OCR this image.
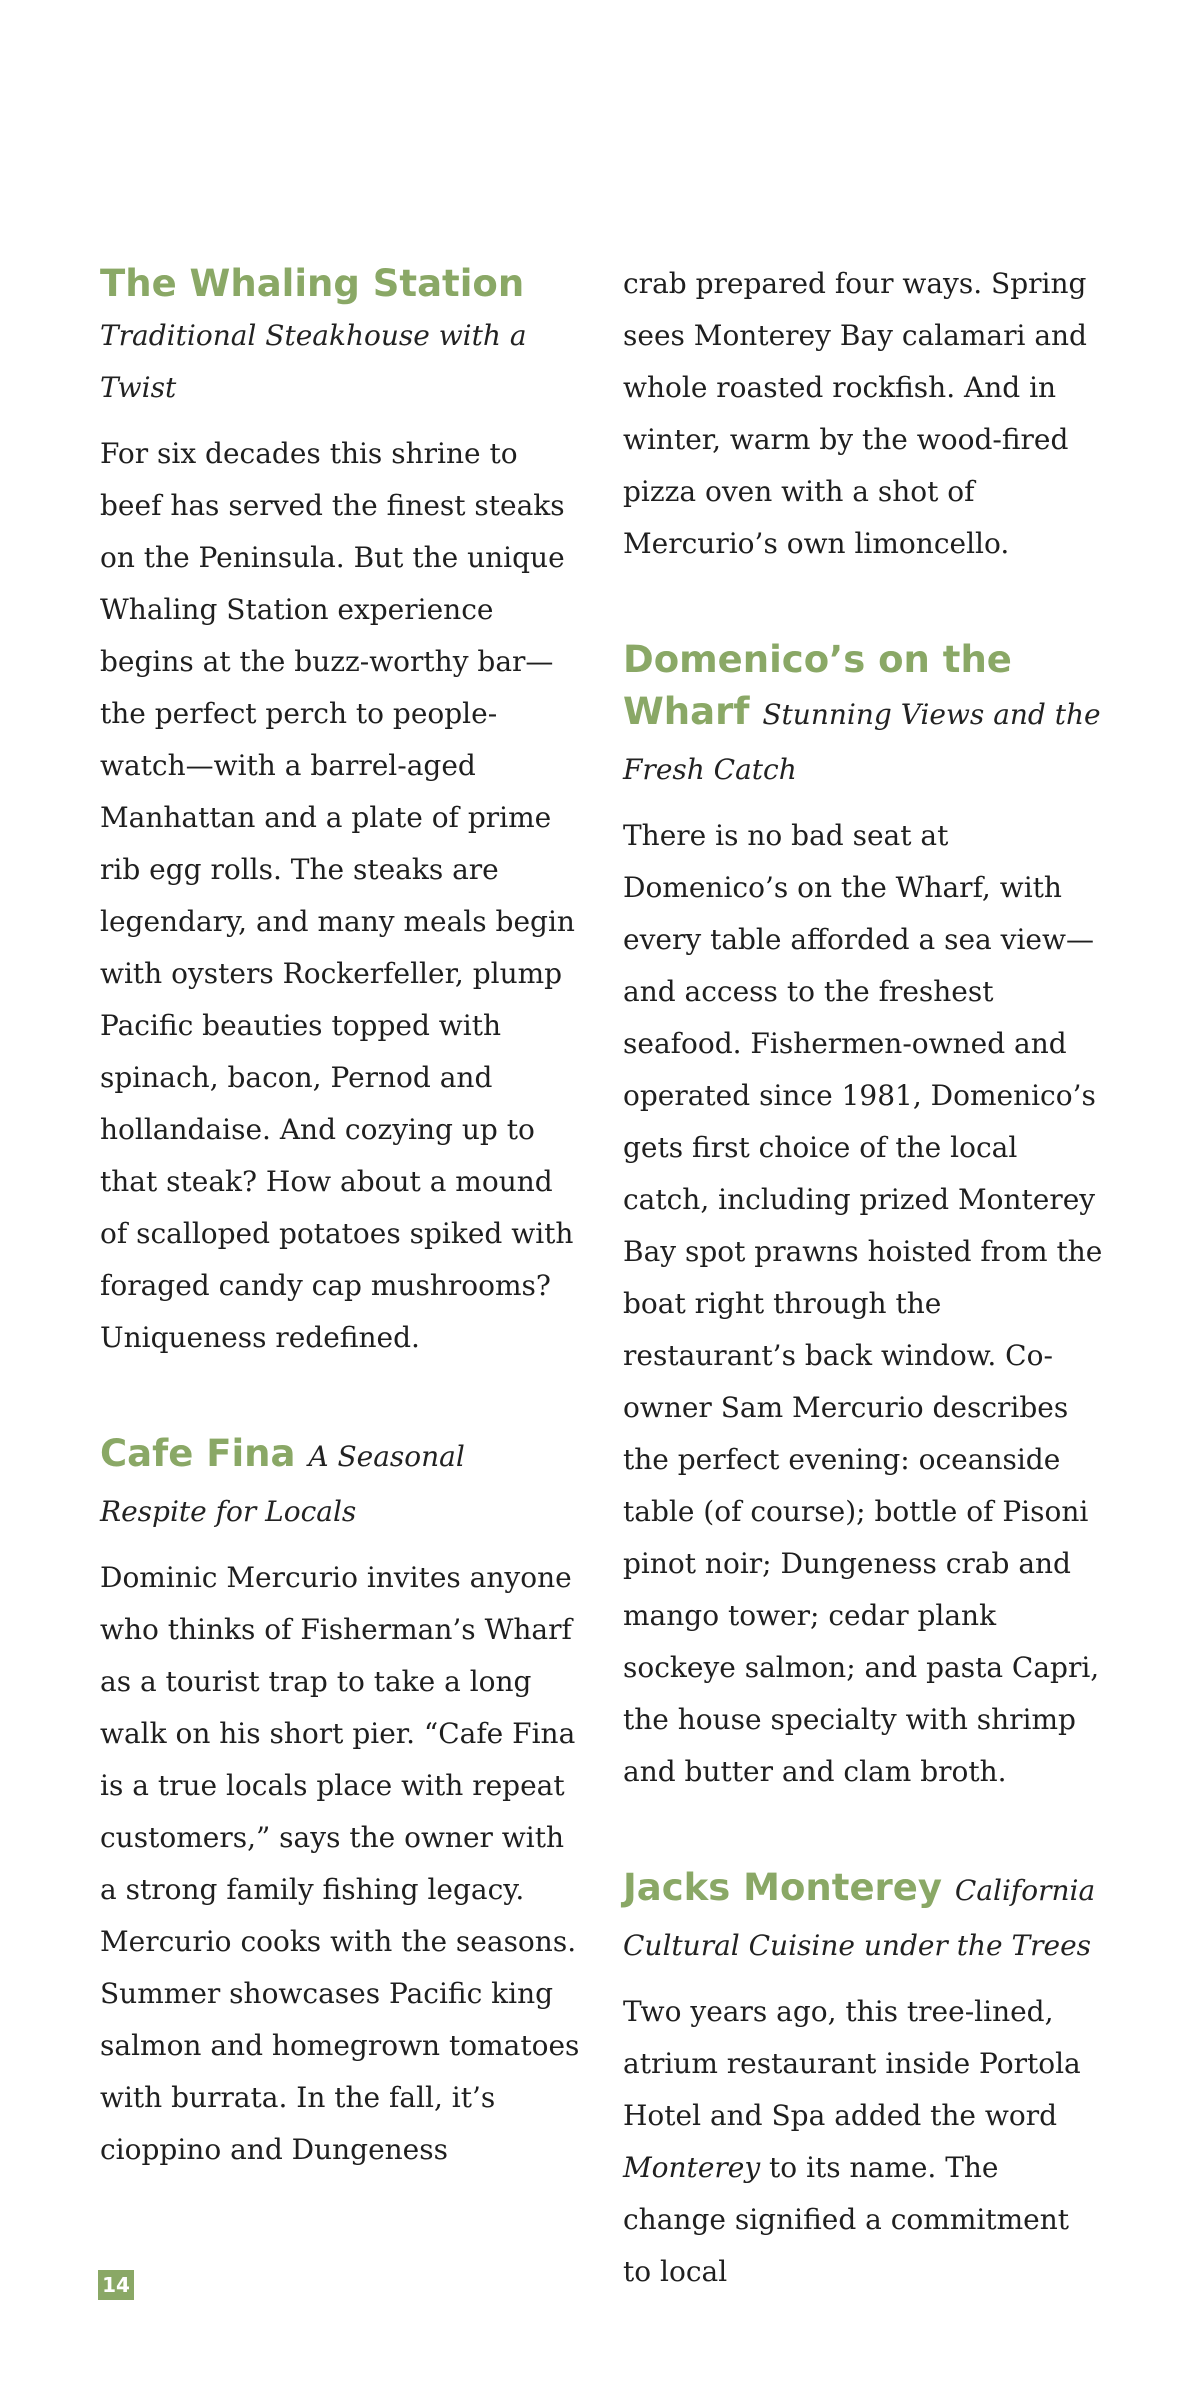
The Whaling Station
Traditional Steakhouse with a Twist

For six decades this shrine to beef has served the finest steaks on the Peninsula. But the unique Whaling Station experience begins at the buzz-worthy bar—the perfect perch to people-watch—with a barrel-aged Manhattan and a plate of prime rib egg rolls. The steaks are legendary, and many meals begin with oysters Rockerfeller, plump Pacific beauties topped with spinach, bacon, Pernod and hollandaise. And cozying up to that steak? How about a mound of scalloped potatoes spiked with foraged candy cap mushrooms? Uniqueness redefined.

Cafe Fina A Seasonal Respite for Locals

Dominic Mercurio invites anyone who thinks of Fisherman’s Wharf as a tourist trap to take a long walk on his short pier. “Cafe Fina is a true locals place with repeat customers,” says the owner with a strong family fishing legacy. Mercurio cooks with the seasons. Summer showcases Pacific king salmon and homegrown tomatoes with burrata. In the fall, it’s cioppino and Dungeness

crab prepared four ways. Spring sees Monterey Bay calamari and whole roasted rockfish. And in winter, warm by the wood-fired pizza oven with a shot of Mercurio’s own limoncello.

Domenico’s on the Wharf Stunning Views and the Fresh Catch

There is no bad seat at Domenico’s on the Wharf, with every table afforded a sea view—and access to the freshest seafood. Fishermen-owned and operated since 1981, Domenico’s gets first choice of the local catch, including prized Monterey Bay spot prawns hoisted from the boat right through the restaurant’s back window. Co-owner Sam Mercurio describes the perfect evening: oceanside table (of course); bottle of Pisoni pinot noir; Dungeness crab and mango tower; cedar plank sockeye salmon; and pasta Capri, the house specialty with shrimp and butter and clam broth.

Jacks Monterey California Cultural Cuisine under the Trees

Two years ago, this tree-lined, atrium restaurant inside Portola Hotel and Spa added the word Monterey to its name. The change signified a commitment to local

14
